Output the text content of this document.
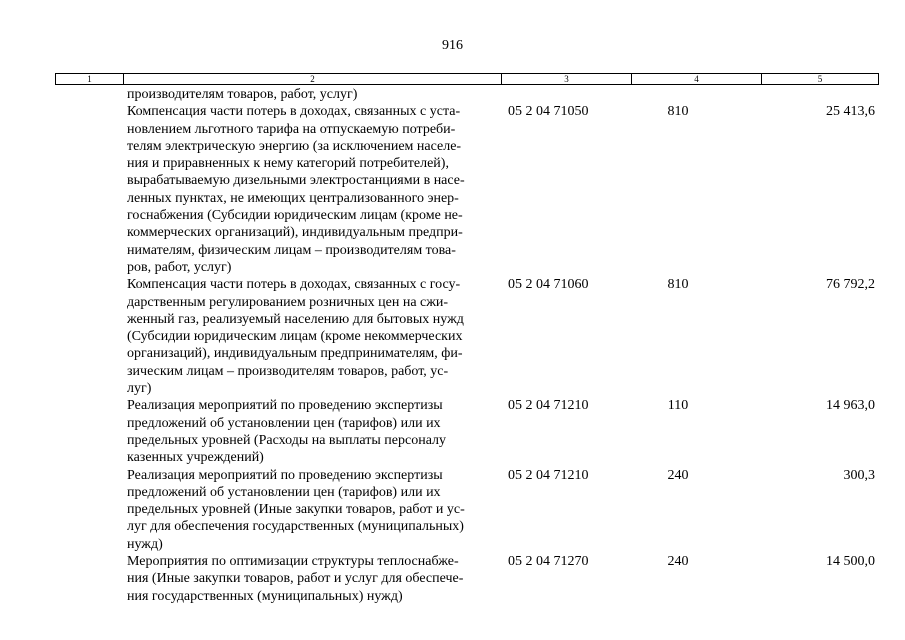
916
1	2	3	4	5
производителям товаров, работ, услуг)
Компенсация части потерь в доходах, связанных с уста-
новлением льготного тарифа на отпускаемую потреби-
телям электрическую энергию (за исключением населе-
ния и приравненных к нему категорий потребителей),
вырабатываемую дизельными электростанциями в насе-
ленных пунктах, не имеющих централизованного энер-
госнабжения (Субсидии юридическим лицам (кроме не-
коммерческих организаций), индивидуальным предпри-
нимателям, физическим лицам – производителям това-
ров, работ, услуг)
05 2 04 71050	810	25 413,6
Компенсация части потерь в доходах, связанных с госу-
дарственным регулированием розничных цен на сжи-
женный газ, реализуемый населению для бытовых нужд
(Субсидии юридическим лицам (кроме некоммерческих
организаций), индивидуальным предпринимателям, фи-
зическим лицам – производителям товаров, работ, ус-
луг)
05 2 04 71060	810	76 792,2
Реализация мероприятий по проведению экспертизы
предложений об установлении цен (тарифов) или их
предельных уровней (Расходы на выплаты персоналу
казенных учреждений)
05 2 04 71210	110	14 963,0
Реализация мероприятий по проведению экспертизы
предложений об установлении цен (тарифов) или их
предельных уровней (Иные закупки товаров, работ и ус-
луг для обеспечения государственных (муниципальных)
нужд)
05 2 04 71210	240	300,3
Мероприятия по оптимизации структуры теплоснабже-
ния (Иные закупки товаров, работ и услуг для обеспече-
ния государственных (муниципальных) нужд)
05 2 04 71270	240	14 500,0
